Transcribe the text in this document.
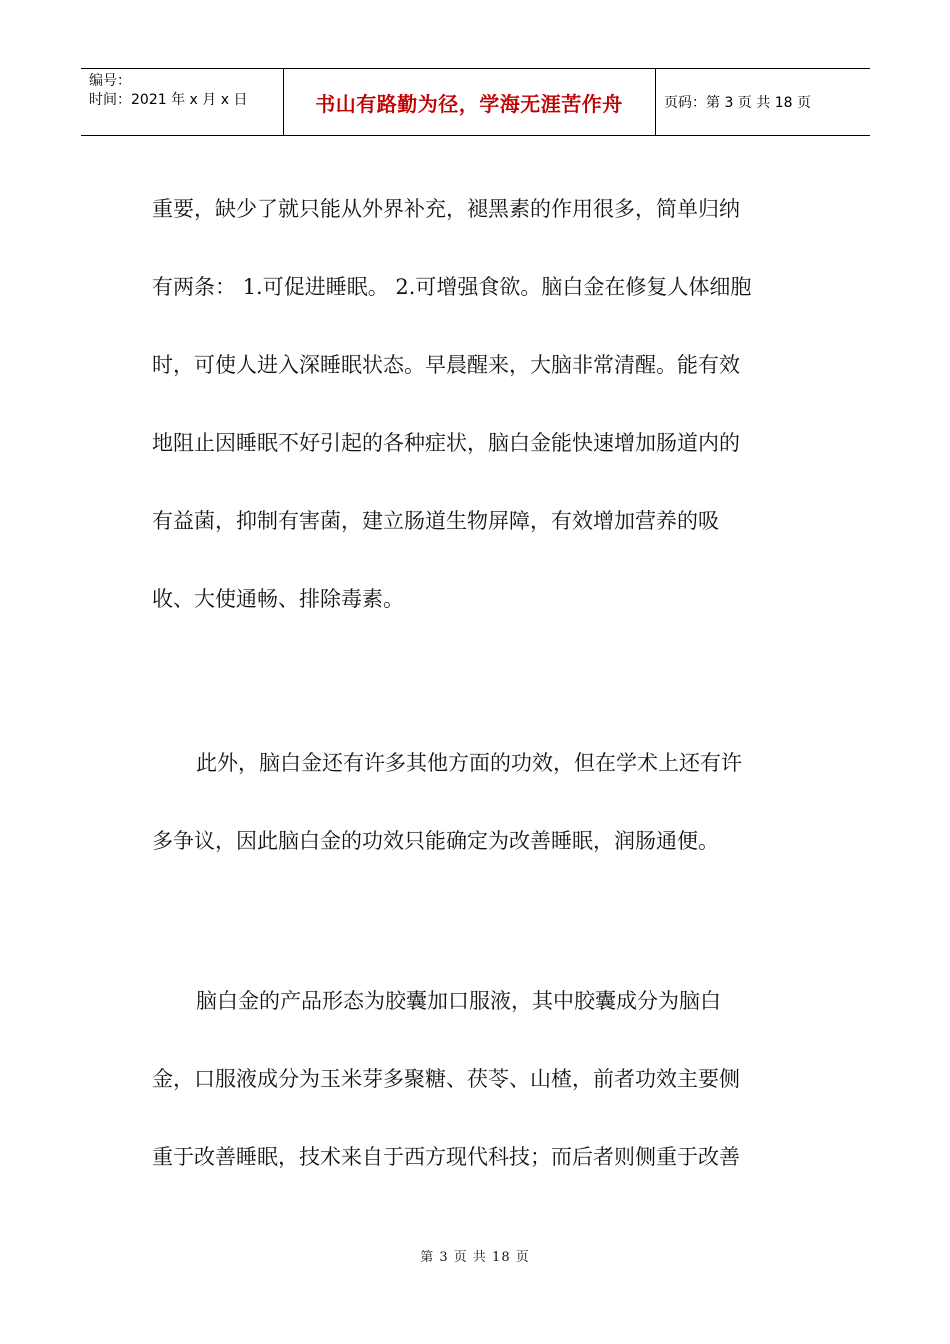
编号：
时间：2021 年 x 月 x 日	书山有路勤为径，学海无涯苦作舟	页码：第 3 页 共 18 页
重要，缺少了就只能从外界补充，褪黑素的作用很多，简单归纳
有两条： 1.可促进睡眠。 2.可增强食欲。脑白金在修复人体细胞
时，可使人进入深睡眠状态。早晨醒来，大脑非常清醒。能有效
地阻止因睡眠不好引起的各种症状，脑白金能快速增加肠道内的
有益菌，抑制有害菌，建立肠道生物屏障，有效增加营养的吸
收、大使通畅、排除毒素。
此外，脑白金还有许多其他方面的功效，但在学术上还有许
多争议，因此脑白金的功效只能确定为改善睡眠，润肠通便。
脑白金的产品形态为胶囊加口服液，其中胶囊成分为脑白
金，口服液成分为玉米芽多聚糖、茯苓、山楂，前者功效主要侧
重于改善睡眠，技术来自于西方现代科技；而后者则侧重于改善
第 3 页 共 18 页
